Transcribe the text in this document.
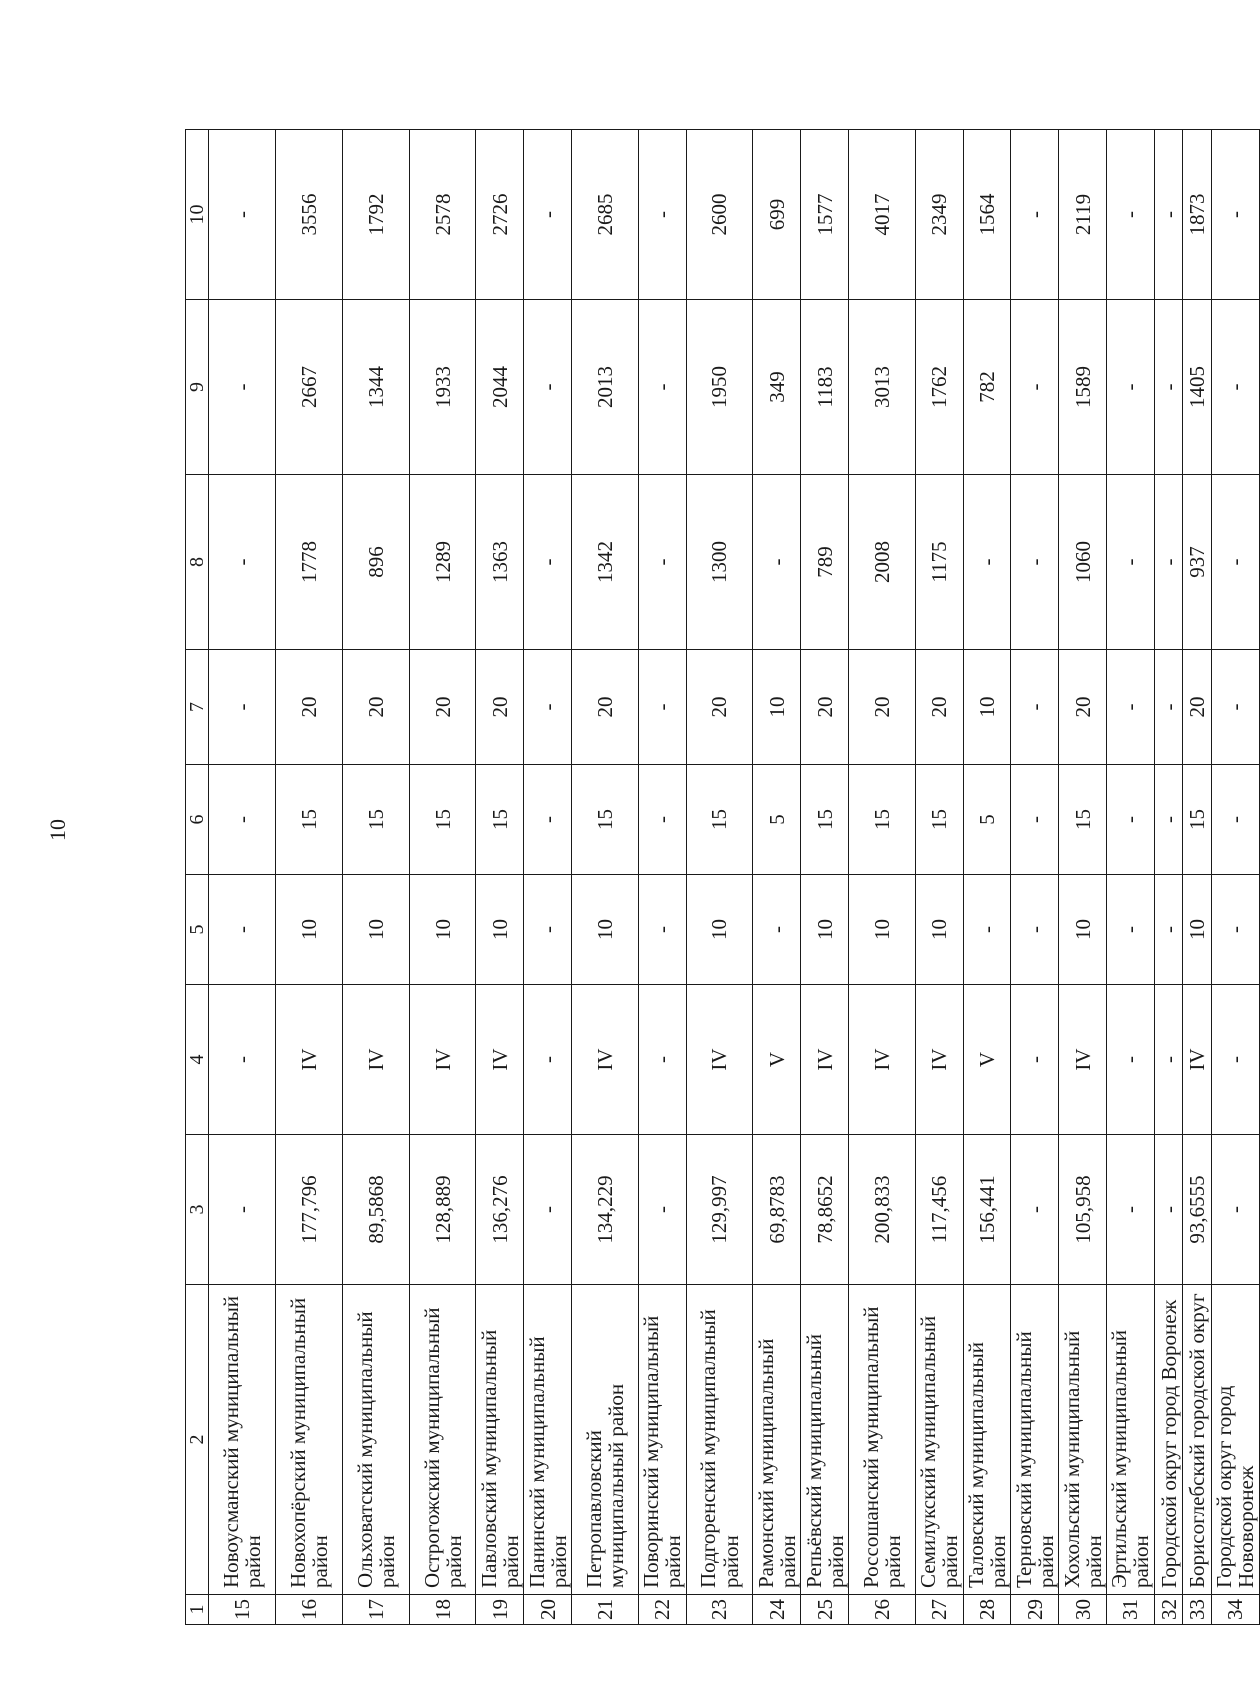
10
1	2	3	4	5	6	7	8	9	10
15	Новоусманский муниципальный район	-	-	-	-	-	-	-	-
16	Новохопёрский муниципальный район	177,796	IV	10	15	20	1778	2667	3556
17	Ольховатский муниципальный район	89,5868	IV	10	15	20	896	1344	1792
18	Острогожский муниципальный район	128,889	IV	10	15	20	1289	1933	2578
19	Павловский муниципальный район	136,276	IV	10	15	20	1363	2044	2726
20	Панинский муниципальный район	-	-	-	-	-	-	-	-
21	Петропавловский муниципальный район	134,229	IV	10	15	20	1342	2013	2685
22	Поворинский муниципальный район	-	-	-	-	-	-	-	-
23	Подгоренский муниципальный район	129,997	IV	10	15	20	1300	1950	2600
24	Рамонский муниципальный район	69,8783	V	-	5	10	-	349	699
25	Репьёвский муниципальный район	78,8652	IV	10	15	20	789	1183	1577
26	Россошанский муниципальный район	200,833	IV	10	15	20	2008	3013	4017
27	Семилукский муниципальный район	117,456	IV	10	15	20	1175	1762	2349
28	Таловский муниципальный район	156,441	V	-	5	10	-	782	1564
29	Терновский муниципальный район	-	-	-	-	-	-	-	-
30	Хохольский муниципальный район	105,958	IV	10	15	20	1060	1589	2119
31	Эртильский муниципальный район	-	-	-	-	-	-	-	-
32	Городской округ город Воронеж	-	-	-	-	-	-	-	-
33	Борисоглебский городской округ	93,6555	IV	10	15	20	937	1405	1873
34	Городской округ город Нововоронеж	-	-	-	-	-	-	-	-
